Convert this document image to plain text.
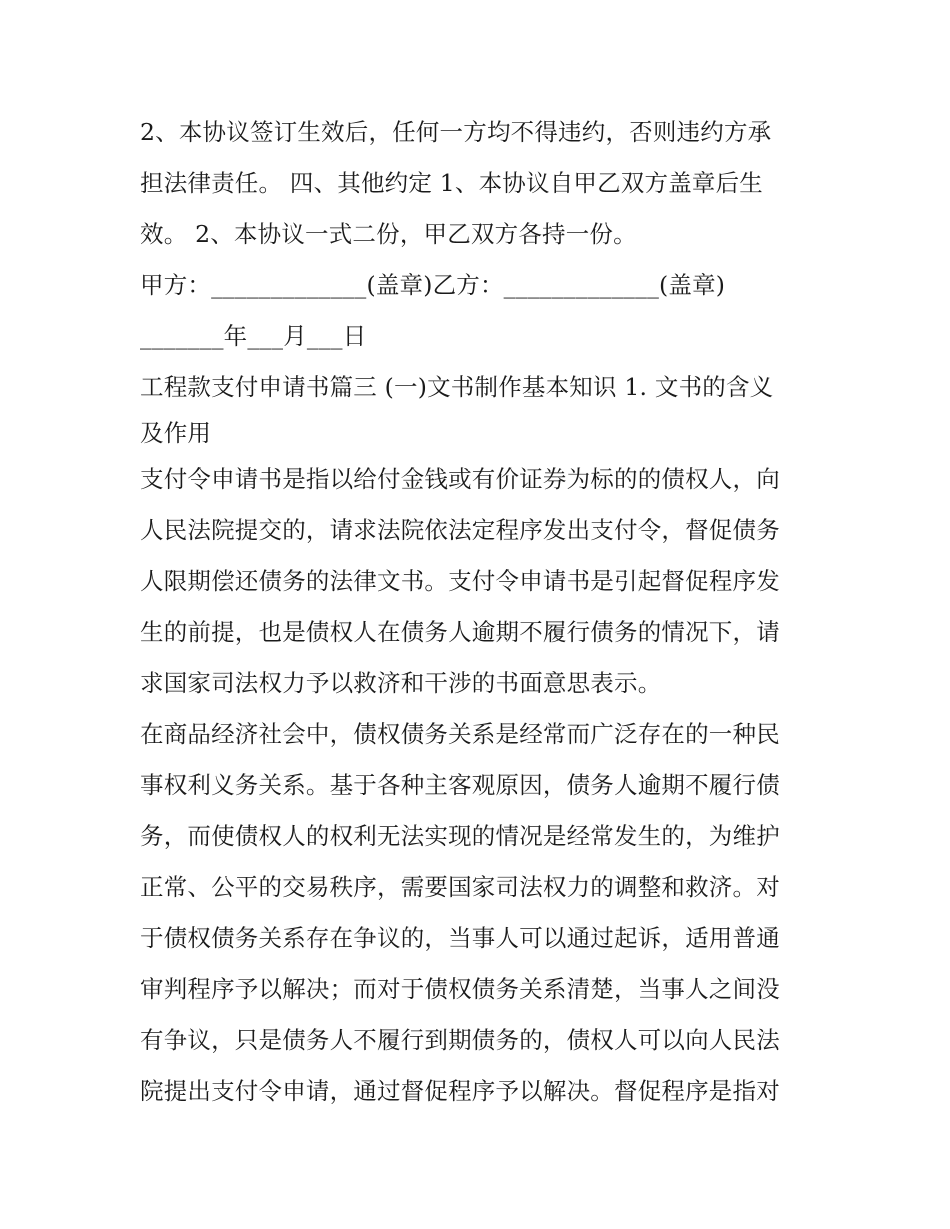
2、本协议签订生效后，任何一方均不得违约，否则违约方承
担法律责任。 四、其他约定 1、本协议自甲乙双方盖章后生
效。 2、本协议一式二份，甲乙双方各持一份。
甲方：_____________(盖章)乙方：_____________(盖章)
_______年___月___日
工程款支付申请书篇三 (一)文书制作基本知识 1. 文书的含义
及作用
支付令申请书是指以给付金钱或有价证券为标的的债权人，向
人民法院提交的，请求法院依法定程序发出支付令，督促债务
人限期偿还债务的法律文书。支付令申请书是引起督促程序发
生的前提，也是债权人在债务人逾期不履行债务的情况下，请
求国家司法权力予以救济和干涉的书面意思表示。
在商品经济社会中，债权债务关系是经常而广泛存在的一种民
事权利义务关系。基于各种主客观原因，债务人逾期不履行债
务，而使债权人的权利无法实现的情况是经常发生的，为维护
正常、公平的交易秩序，需要国家司法权力的调整和救济。对
于债权债务关系存在争议的，当事人可以通过起诉，适用普通
审判程序予以解决；而对于债权债务关系清楚，当事人之间没
有争议，只是债务人不履行到期债务的，债权人可以向人民法
院提出支付令申请，通过督促程序予以解决。督促程序是指对
